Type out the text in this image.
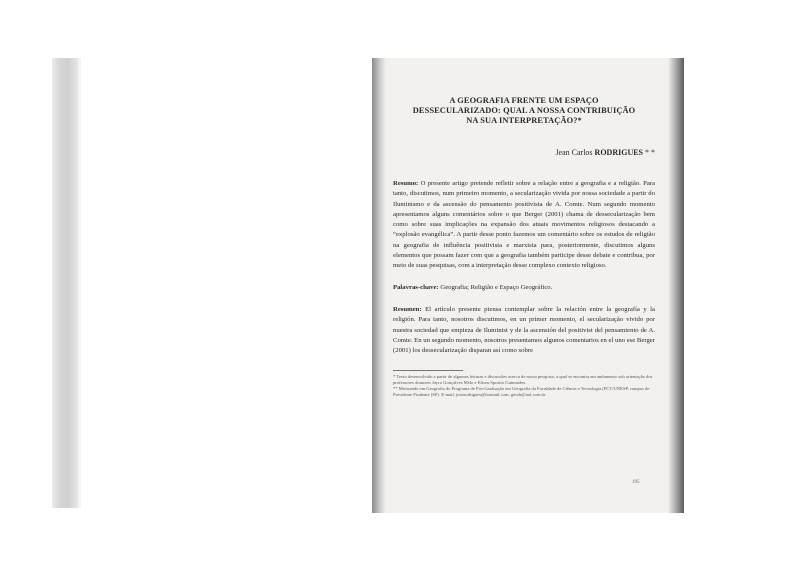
A GEOGRAFIA FRENTE UM ESPAÇO
DESSECULARIZADO: QUAL A NOSSA CONTRIBUIÇÃO
NA SUA INTERPRETAÇÃO?*
Jean Carlos RODRIGUES * *

Resumo: O presente artigo pretende refletir sobre a relação entre a geografia e a religião. Para tanto, discutimos, num primeiro momento, a secularização vivida por nossa sociedade a partir do Iluminismo e da ascensão do pensamento positivista de A. Comte. Num segundo momento apresentamos alguns comentários sobre o que Berger (2001) chama de dessecularização bem como sobre suas implicações na expansão dos atuais movimentos religiosos destacando a “explosão evangélica”. A partir desse ponto fazemos um comentário sobre os estudos de religião na geografia de influência positivista e marxista para, posteriormente, discutimos alguns elementos que possam fazer com que a geografia também participe desse debate e contribua, por meio de suas pesquisas, com a interpretação desse complexo contexto religioso.

Palavras-chave: Geografia; Religião e Espaço Geográfico.

Resumen: El artículo presente piensa contemplar sobre la relación entre la geografía y la religión. Para tanto, nosotros discutimos, en un primer momento, el secularização vivido por nuestra sociedad que empieza de Iluminist y de la ascensión del positivist del pensamiento de A. Comte. En un segundo momento, nosotros presentamos algunos comentarios en el uno ese Berger (2001) los dessecularização disparan así como sobre

* Texto desenvolvido a partir de algumas leituras e discussões acerca de nossa pesquisa, a qual se encontra em andamento sob orientação dos professores doutores Jayro Gonçalves Melo e Eliseu Sposito Guimarães.

** Mestrando em Geografia do Programa de Pós-Graduação em Geografia da Faculdade de Ciência e Tecnologia (FCT/UNESP, campus de Presidente Prudente (SP). E-mail: jeanrodrigues@hotmail.com; geodr@uol.com.br

195
